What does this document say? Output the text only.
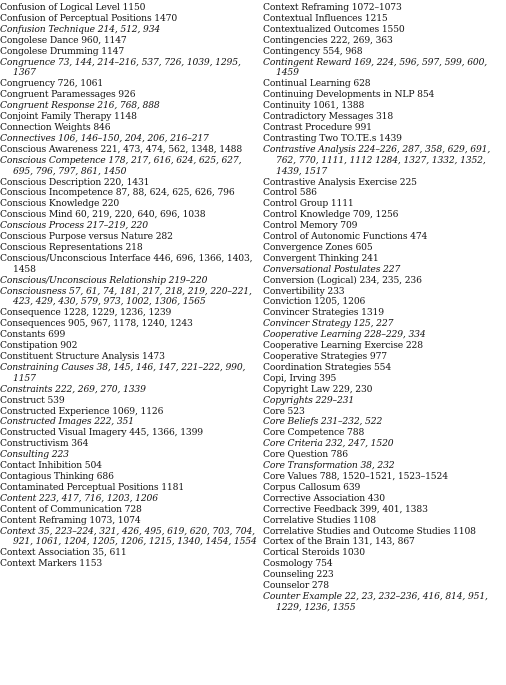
Confusion of Logical Level 1150
Confusion of Perceptual Positions 1470
Confusion Technique 214, 512, 934
Congolese Dance 960, 1147
Congolese Drumming 1147
Congruence 73, 144, 214–216, 537, 726, 1039, 1295, 1367
Congruency 726, 1061
Congruent Paramessages 926
Congruent Response 216, 768, 888
Conjoint Family Therapy 1148
Connection Weights 846
Connectives 106, 146–150, 204, 206, 216–217
Conscious Awareness 221, 473, 474, 562, 1348, 1488
Conscious Competence 178, 217, 616, 624, 625, 627, 695, 796, 797, 861, 1450
Conscious Description 220, 1431
Conscious Incompetence 87, 88, 624, 625, 626, 796
Conscious Knowledge 220
Conscious Mind 60, 219, 220, 640, 696, 1038
Conscious Process 217–219, 220
Conscious Purpose versus Nature 282
Conscious Representations 218
Conscious/Unconscious Interface 446, 696, 1366, 1403, 1458
Conscious/Unconscious Relationship 219–220
Consciousness 57, 61, 74, 181, 217, 218, 219, 220–221, 423, 429, 430, 579, 973, 1002, 1306, 1565
Consequence 1228, 1229, 1236, 1239
Consequences 905, 967, 1178, 1240, 1243
Constants 699
Constipation 902
Constituent Structure Analysis 1473
Constraining Causes 38, 145, 146, 147, 221–222, 990, 1157
Constraints 222, 269, 270, 1339
Construct 539
Constructed Experience 1069, 1126
Constructed Images 222, 351
Constructed Visual Imagery 445, 1366, 1399
Constructivism 364
Consulting 223
Contact Inhibition 504
Contagious Thinking 686
Contaminated Perceptual Positions 1181
Content 223, 417, 716, 1203, 1206
Content of Communication 728
Content Reframing 1073, 1074
Context 35, 223–224, 321, 426, 495, 619, 620, 703, 704, 921, 1061, 1204, 1205, 1206, 1215, 1340, 1454, 1554
Context Association 35, 611
Context Markers 1153
Context Reframing 1072–1073
Contextual Influences 1215
Contextualized Outcomes 1550
Contingencies 222, 269, 363
Contingency 554, 968
Contingent Reward 169, 224, 596, 597, 599, 600, 1459
Continual Learning 628
Continuing Developments in NLP 854
Continuity 1061, 1388
Contradictory Messages 318
Contrast Procedure 991
Contrasting Two TO.TE.s 1439
Contrastive Analysis 224–226, 287, 358, 629, 691, 762, 770, 1111, 1112 1284, 1327, 1332, 1352, 1439, 1517
Contrastive Analysis Exercise 225
Control 586
Control Group 1111
Control Knowledge 709, 1256
Control Memory 709
Control of Autonomic Functions 474
Convergence Zones 605
Convergent Thinking 241
Conversational Postulates 227
Conversion (Logical) 234, 235, 236
Convertibility 233
Conviction 1205, 1206
Convincer Strategies 1319
Convincer Strategy 125, 227
Cooperative Learning 228–229, 334
Cooperative Learning Exercise 228
Cooperative Strategies 977
Coordination Strategies 554
Copi, Irving 395
Copyright Law 229, 230
Copyrights 229–231
Core 523
Core Beliefs 231–232, 522
Core Competence 788
Core Criteria 232, 247, 1520
Core Question 786
Core Transformation 38, 232
Core Values 788, 1520–1521, 1523–1524
Corpus Callosum 639
Corrective Association 430
Corrective Feedback 399, 401, 1383
Correlative Studies 1108
Correlative Studies and Outcome Studies 1108
Cortex of the Brain 131, 143, 867
Cortical Steroids 1030
Cosmology 754
Counseling 223
Counselor 278
Counter Example 22, 23, 232–236, 416, 814, 951, 1229, 1236, 1355
